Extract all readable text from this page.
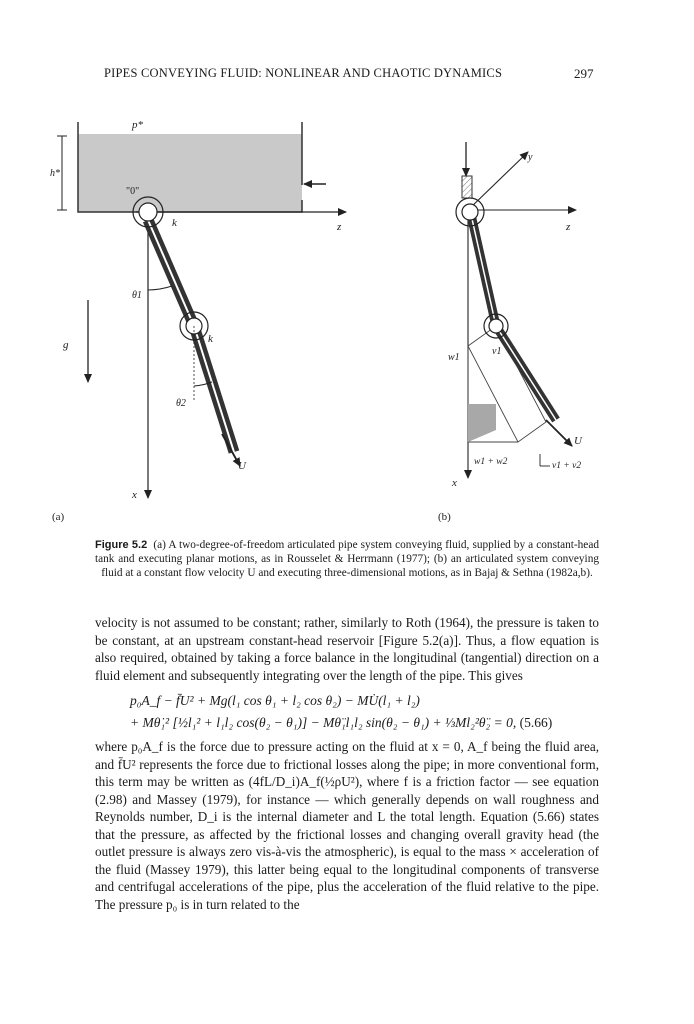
PIPES CONVEYING FLUID: NONLINEAR AND CHAOTIC DYNAMICS	297
p*
h*
"0"
z
x
k
k
θ1
θ2
g
U
(a)
y
z
x
w1
v1
U
w1 + w2	v1 + v2
(b)
Figure 5.2 (a) A two-degree-of-freedom articulated pipe system conveying fluid, supplied by a constant-head tank and executing planar motions, as in Rousselet & Herrmann (1977); (b) an articulated system conveying fluid at a constant flow velocity U and executing three-dimensional motions, as in Bajaj & Sethna (1982a,b).
velocity is not assumed to be constant; rather, similarly to Roth (1964), the pressure is taken to be constant, at an upstream constant-head reservoir [Figure 5.2(a)]. Thus, a flow equation is also required, obtained by taking a force balance in the longitudinal (tangential) direction on a fluid element and subsequently integrating over the length of the pipe. This gives
p₀A_f − f̄U² + Mg(l₁ cos θ₁ + l₂ cos θ₂) − MU̇(l₁ + l₂)
+ Mθ̇₁² [½l₁² + l₁l₂ cos(θ₂ − θ₁)] − Mθ̈₁l₁l₂ sin(θ₂ − θ₁) + ⅓Ml₂²θ̈₂ = 0, (5.66)
where p₀A_f is the force due to pressure acting on the fluid at x = 0, A_f being the fluid area, and f̄U² represents the force due to frictional losses along the pipe; in more conventional form, this term may be written as (4fL/D_i)A_f(½ρU²), where f is a friction factor — see equation (2.98) and Massey (1979), for instance — which generally depends on wall roughness and Reynolds number, D_i is the internal diameter and L the total length. Equation (5.66) states that the pressure, as affected by the frictional losses and changing overall gravity head (the outlet pressure is always zero vis-à-vis the atmospheric), is equal to the mass × acceleration of the fluid (Massey 1979), this latter being equal to the longitudinal components of transverse and centrifugal accelerations of the pipe, plus the acceleration of the fluid relative to the pipe. The pressure p₀ is in turn related to the
